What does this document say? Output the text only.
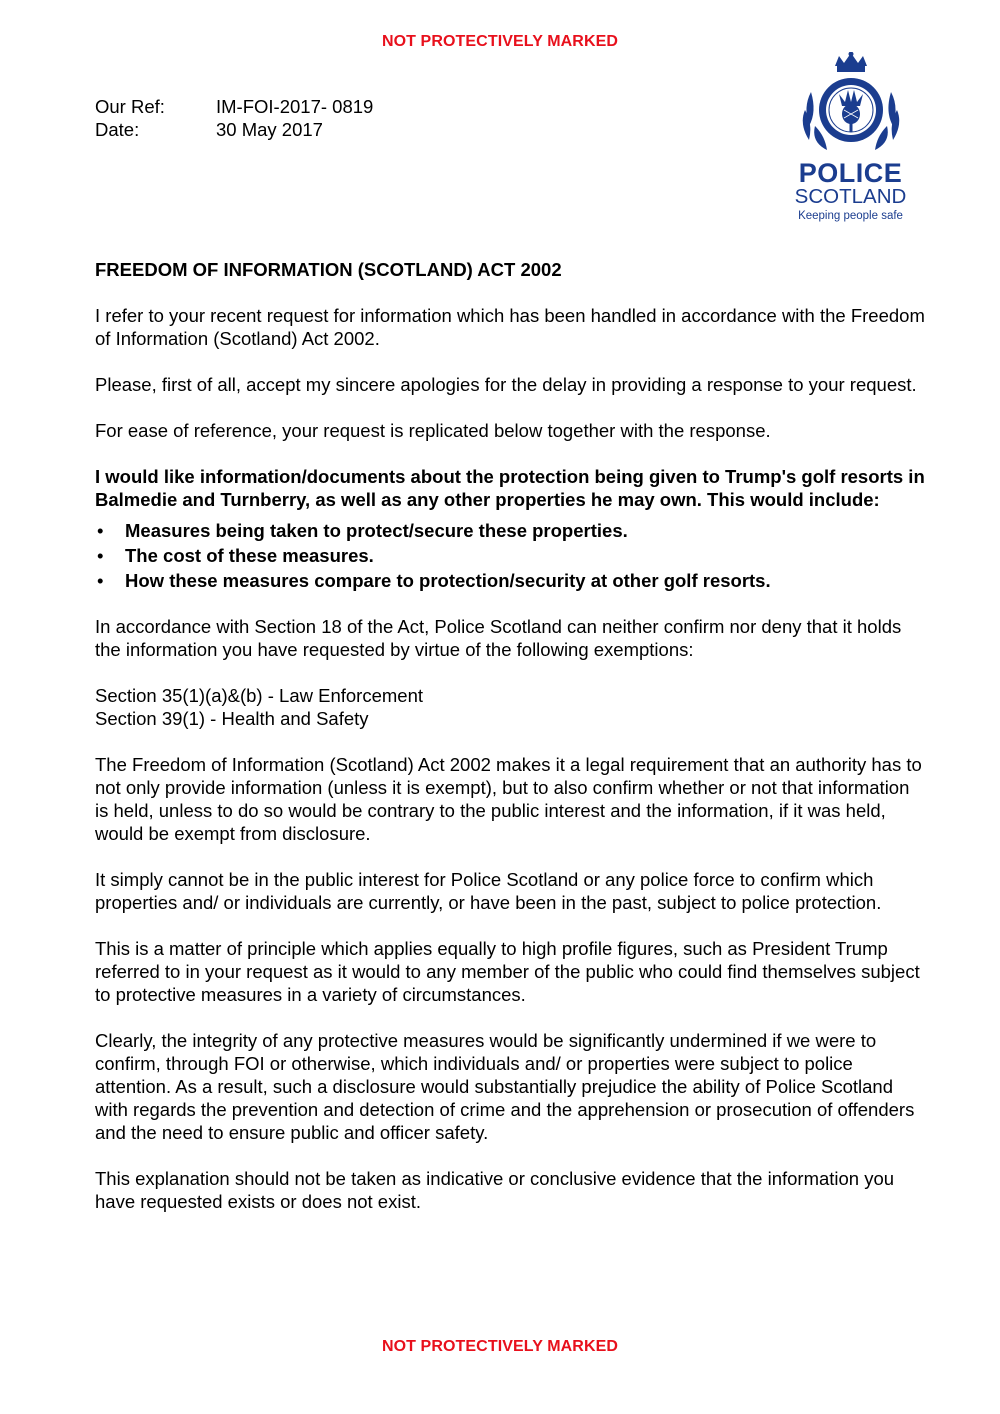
NOT PROTECTIVELY MARKED
Our Ref:	IM-FOI-2017- 0819
Date:	30 May 2017
POLICE
SCOTLAND
Keeping people safe

FREEDOM OF INFORMATION (SCOTLAND) ACT 2002

I refer to your recent request for information which has been handled in accordance with the Freedom of Information (Scotland) Act 2002.

Please, first of all, accept my sincere apologies for the delay in providing a response to your request.

For ease of reference, your request is replicated below together with the response.

I would like information/documents about the protection being given to Trump's golf resorts in Balmedie and Turnberry, as well as any other properties he may own. This would include:

• Measures being taken to protect/secure these properties.
• The cost of these measures.
• How these measures compare to protection/security at other golf resorts.

In accordance with Section 18 of the Act, Police Scotland can neither confirm nor deny that it holds the information you have requested by virtue of the following exemptions:

Section 35(1)(a)&(b) - Law Enforcement
Section 39(1) - Health and Safety

The Freedom of Information (Scotland) Act 2002 makes it a legal requirement that an authority has to not only provide information (unless it is exempt), but to also confirm whether or not that information is held, unless to do so would be contrary to the public interest and the information, if it was held, would be exempt from disclosure.

It simply cannot be in the public interest for Police Scotland or any police force to confirm which properties and/ or individuals are currently, or have been in the past, subject to police protection.

This is a matter of principle which applies equally to high profile figures, such as President Trump referred to in your request as it would to any member of the public who could find themselves subject to protective measures in a variety of circumstances.

Clearly, the integrity of any protective measures would be significantly undermined if we were to confirm, through FOI or otherwise, which individuals and/ or properties were subject to police attention. As a result, such a disclosure would substantially prejudice the ability of Police Scotland with regards the prevention and detection of crime and the apprehension or prosecution of offenders and the need to ensure public and officer safety.

This explanation should not be taken as indicative or conclusive evidence that the information you have requested exists or does not exist.

NOT PROTECTIVELY MARKED
